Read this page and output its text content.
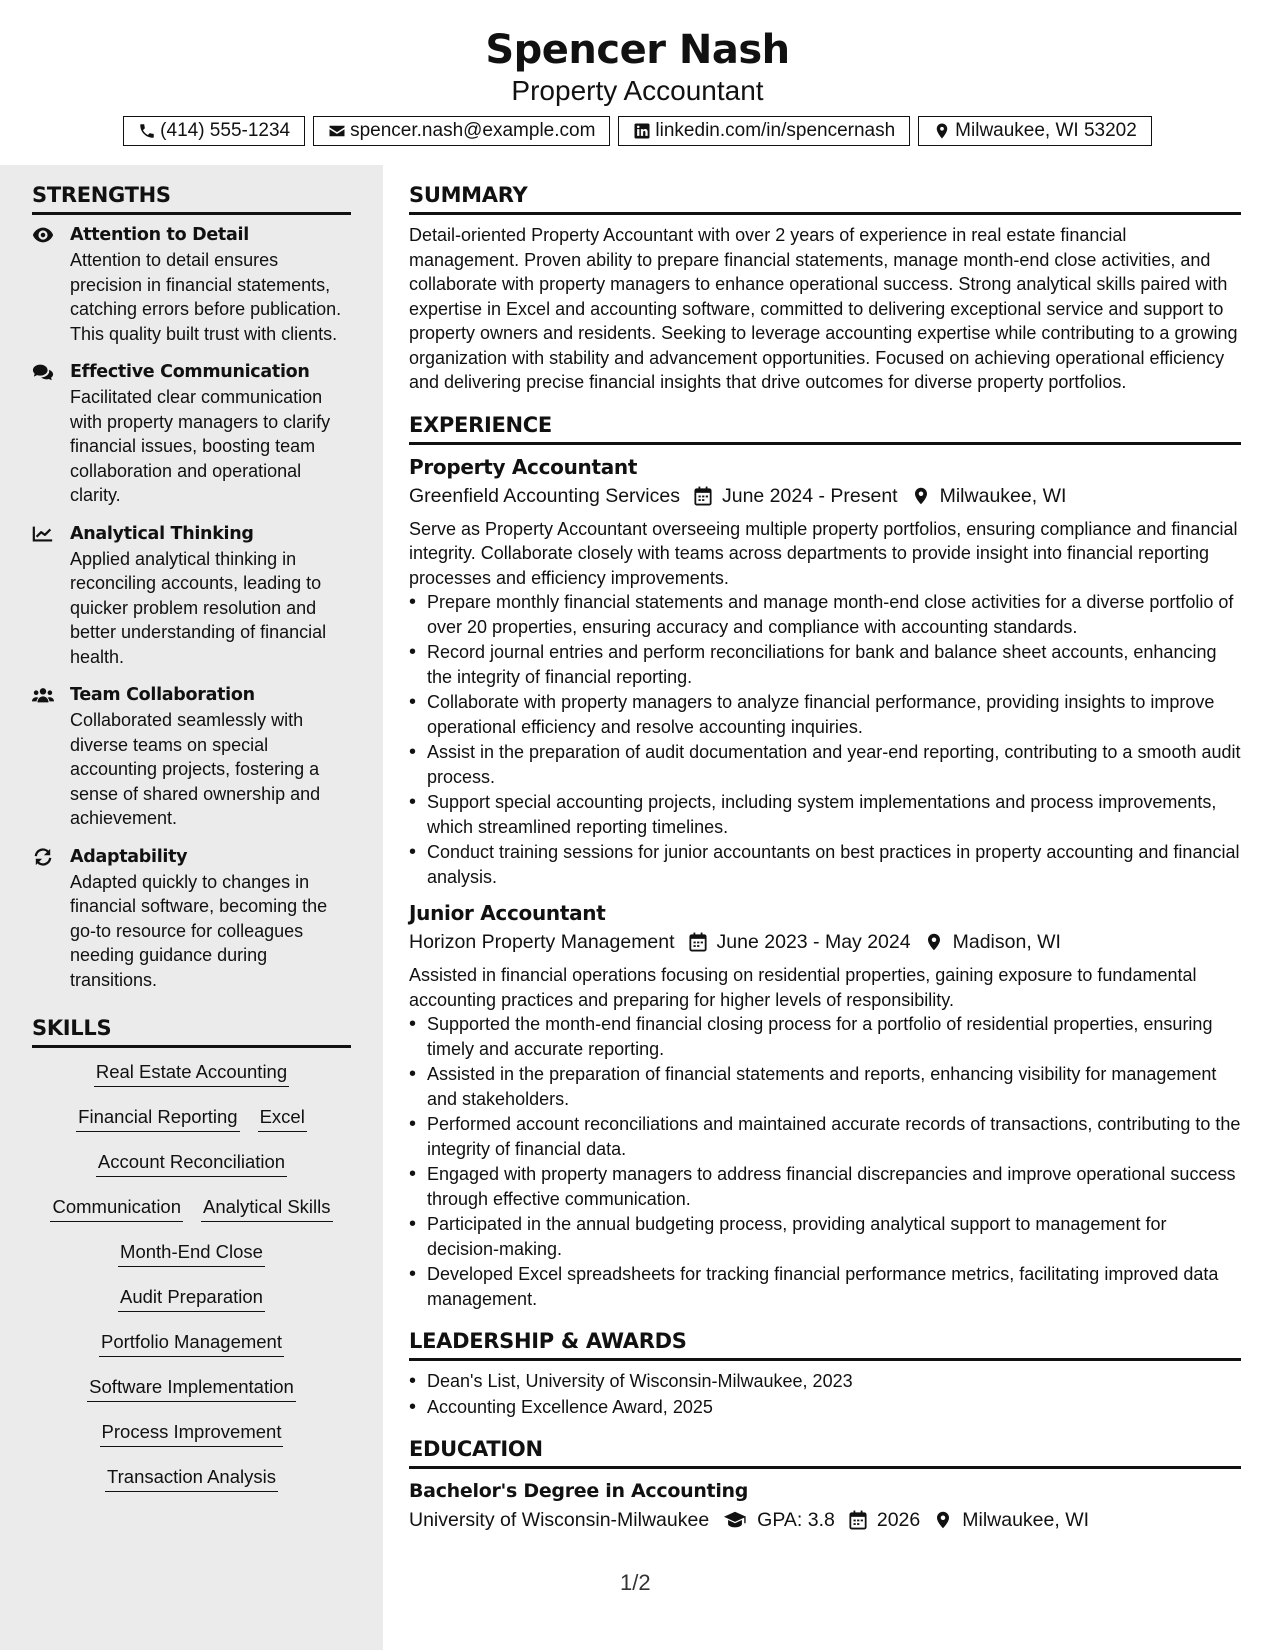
Spencer Nash
Property Accountant
(414) 555-1234	spencer.nash@example.com	linkedin.com/in/spencernash	Milwaukee, WI 53202
STRENGTHS
Attention to Detail
Attention to detail ensures precision in financial statements, catching errors before publication. This quality built trust with clients.
Effective Communication
Facilitated clear communication with property managers to clarify financial issues, boosting team collaboration and operational clarity.
Analytical Thinking
Applied analytical thinking in reconciling accounts, leading to quicker problem resolution and better understanding of financial health.
Team Collaboration
Collaborated seamlessly with diverse teams on special accounting projects, fostering a sense of shared ownership and achievement.
Adaptability
Adapted quickly to changes in financial software, becoming the go-to resource for colleagues needing guidance during transitions.
SKILLS
Real Estate Accounting
Financial Reporting Excel
Account Reconciliation
Communication Analytical Skills
Month-End Close
Audit Preparation
Portfolio Management
Software Implementation
Process Improvement
Transaction Analysis
SUMMARY
Detail-oriented Property Accountant with over 2 years of experience in real estate financial management. Proven ability to prepare financial statements, manage month-end close activities, and collaborate with property managers to enhance operational success. Strong analytical skills paired with expertise in Excel and accounting software, committed to delivering exceptional service and support to property owners and residents. Seeking to leverage accounting expertise while contributing to a growing organization with stability and advancement opportunities. Focused on achieving operational efficiency and delivering precise financial insights that drive outcomes for diverse property portfolios.
EXPERIENCE
Property Accountant
Greenfield Accounting Services June 2024 - Present Milwaukee, WI
Serve as Property Accountant overseeing multiple property portfolios, ensuring compliance and financial integrity. Collaborate closely with teams across departments to provide insight into financial reporting processes and efficiency improvements.
• Prepare monthly financial statements and manage month-end close activities for a diverse portfolio of over 20 properties, ensuring accuracy and compliance with accounting standards.
• Record journal entries and perform reconciliations for bank and balance sheet accounts, enhancing the integrity of financial reporting.
• Collaborate with property managers to analyze financial performance, providing insights to improve operational efficiency and resolve accounting inquiries.
• Assist in the preparation of audit documentation and year-end reporting, contributing to a smooth audit process.
• Support special accounting projects, including system implementations and process improvements, which streamlined reporting timelines.
• Conduct training sessions for junior accountants on best practices in property accounting and financial analysis.
Junior Accountant
Horizon Property Management June 2023 - May 2024 Madison, WI
Assisted in financial operations focusing on residential properties, gaining exposure to fundamental accounting practices and preparing for higher levels of responsibility.
• Supported the month-end financial closing process for a portfolio of residential properties, ensuring timely and accurate reporting.
• Assisted in the preparation of financial statements and reports, enhancing visibility for management and stakeholders.
• Performed account reconciliations and maintained accurate records of transactions, contributing to the integrity of financial data.
• Engaged with property managers to address financial discrepancies and improve operational success through effective communication.
• Participated in the annual budgeting process, providing analytical support to management for decision-making.
• Developed Excel spreadsheets for tracking financial performance metrics, facilitating improved data management.
LEADERSHIP & AWARDS
• Dean's List, University of Wisconsin-Milwaukee, 2023
• Accounting Excellence Award, 2025
EDUCATION
Bachelor's Degree in Accounting
University of Wisconsin-Milwaukee GPA: 3.8 2026 Milwaukee, WI
1/2
